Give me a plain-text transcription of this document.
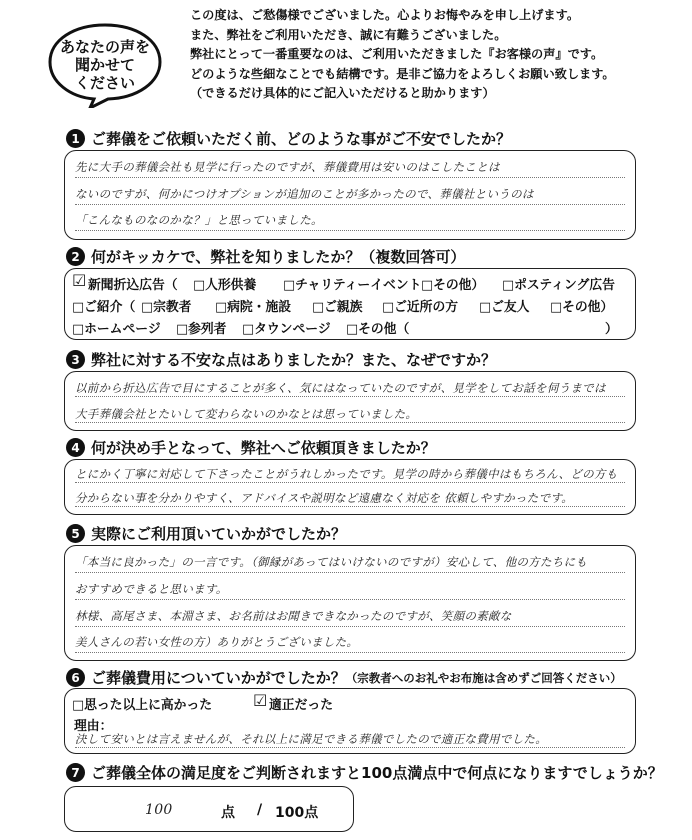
あなたの声を
聞かせて
ください
この度は、ご愁傷様でございました。心よりお悔やみを申し上げます。
また、弊社をご利用いただき、誠に有難うございました。
弊社にとって一番重要なのは、ご利用いただきました『お客様の声』です。
どのような些細なことでも結構です。是非ご協力をよろしくお願い致します。
（できるだけ具体的にご記入いただけると助かります）
1 ご葬儀をご依頼いただく前、どのような事がご不安でしたか？
先に大手の葬儀会社も見学に行ったのですが、葬儀費用は安いのはこしたことは
ないのですが、何かにつけオプションが追加のことが多かったので、葬儀社というのは
「こんなものなのかな？」と思っていました。
2 何がキッカケで、弊社を知りましたか？（複数回答可）
☑ 新聞折込広告（ □人形供養 □チャリティーイベント □その他） □ポスティング広告
□ご紹介（ □宗教者 □病院・施設 □ご親族 □ご近所の方 □ご友人 □その他）
□ホームページ □参列者 □タウンページ □その他（	）
3 弊社に対する不安な点はありましたか？また、なぜですか？
以前から折込広告で目にすることが多く、気にはなっていたのですが、見学をしてお話を伺うまでは
大手葬儀会社とたいして変わらないのかなとは思っていました。
4 何が決め手となって、弊社へご依頼頂きましたか？
とにかく丁寧に対応して下さったことがうれしかったです。見学の時から葬儀中はもちろん、どの方も
分からない事を分かりやすく、アドバイスや説明など遠慮なく対応を 依頼しやすかったです。
5 実際にご利用頂いていかがでしたか？
「本当に良かった」の一言です。（御縁があってはいけないのですが）安心して、他の方たちにも
おすすめできると思います。
林様、高尾さま、本淵さま、お名前はお聞きできなかったのですが、笑顔の素敵な
美人さんの若い女性の方）ありがとうございました。
6 ご葬儀費用についていかがでしたか？ （宗教者へのお礼やお布施は含めずご回答ください）
□思った以上に高かった	☑ 適正だった
理由：
決して安いとは言えませんが、それ以上に満足できる葬儀でしたので適正な費用でした。
7 ご葬儀全体の満足度をご判断されますと100点満点中で何点になりますでしょうか？
100	点 / 100点
